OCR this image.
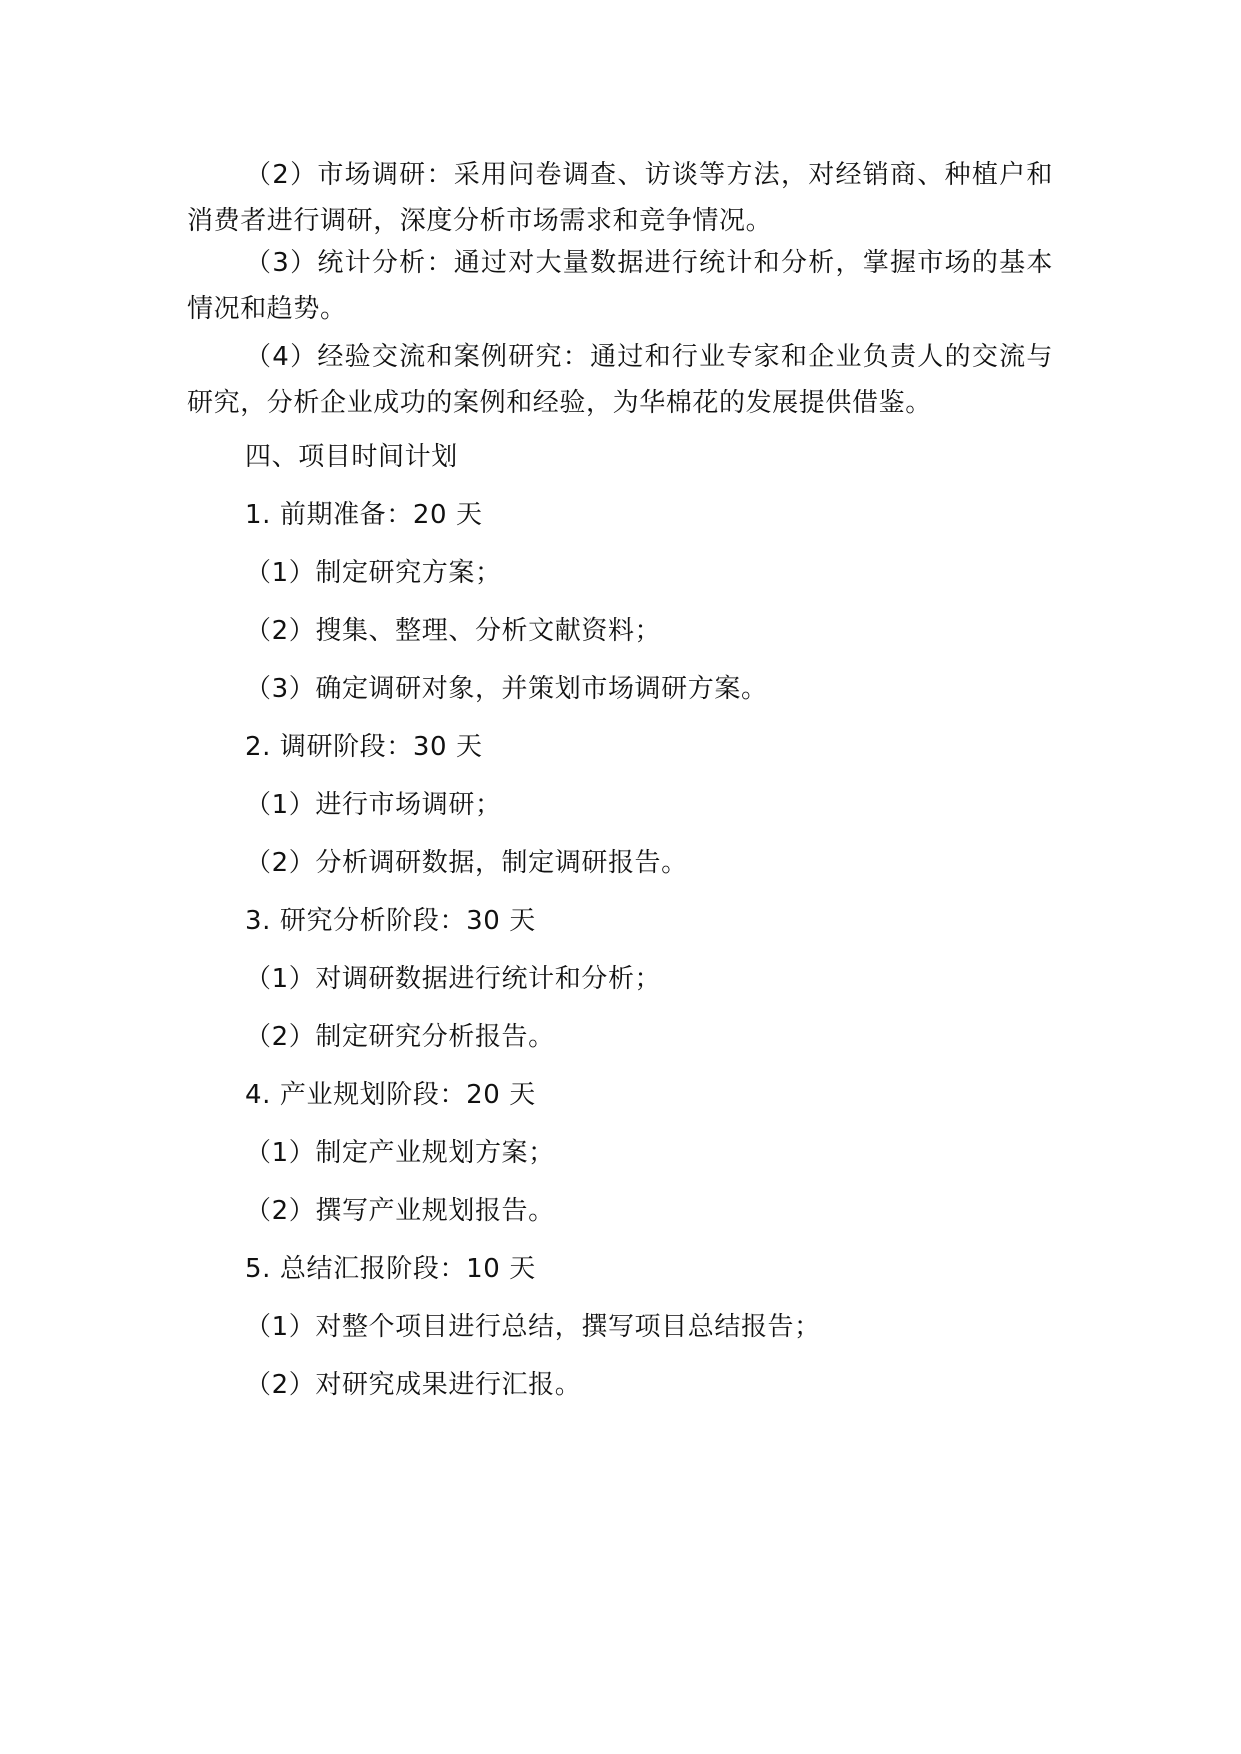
（2）市场调研：采用问卷调查、访谈等方法，对经销商、种植户和消费者进行调研，深度分析市场需求和竞争情况。

（3）统计分析：通过对大量数据进行统计和分析，掌握市场的基本情况和趋势。

（4）经验交流和案例研究：通过和行业专家和企业负责人的交流与研究，分析企业成功的案例和经验，为华棉花的发展提供借鉴。

四、项目时间计划

1. 前期准备：20 天

（1）制定研究方案；

（2）搜集、整理、分析文献资料；

（3）确定调研对象，并策划市场调研方案。

2. 调研阶段：30 天

（1）进行市场调研；

（2）分析调研数据，制定调研报告。

3. 研究分析阶段：30 天

（1）对调研数据进行统计和分析；

（2）制定研究分析报告。

4. 产业规划阶段：20 天

（1）制定产业规划方案；

（2）撰写产业规划报告。

5. 总结汇报阶段：10 天

（1）对整个项目进行总结，撰写项目总结报告；

（2）对研究成果进行汇报。
